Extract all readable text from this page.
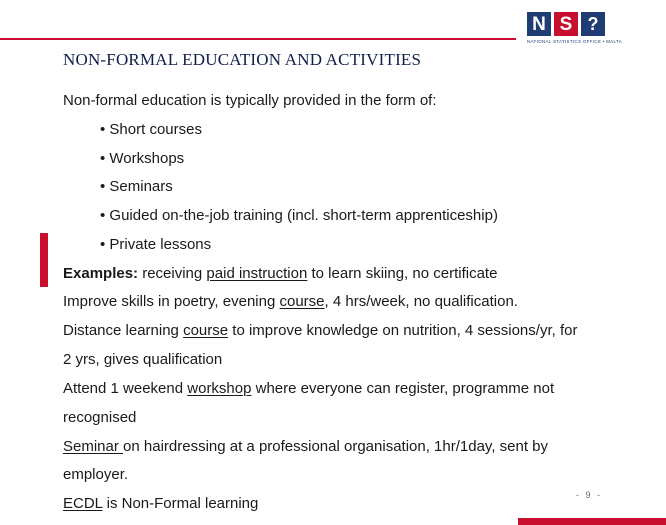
N S ?
NATIONAL STATISTICS OFFICE • MALTA
NON-FORMAL EDUCATION AND ACTIVITIES
Non-formal education is typically provided in the form of:
• Short courses
• Workshops
• Seminars
• Guided on-the-job training (incl. short-term apprenticeship)
• Private lessons
Examples: receiving paid instruction to learn skiing, no certificate
Improve skills in poetry, evening course, 4 hrs/week, no qualification.
Distance learning course to improve knowledge on nutrition, 4 sessions/yr, for
2 yrs, gives qualification
Attend 1 weekend workshop where everyone can register, programme not
recognised
Seminar on hairdressing at a professional organisation, 1hr/1day, sent by
employer.
ECDL is Non-Formal learning	- 9 -
